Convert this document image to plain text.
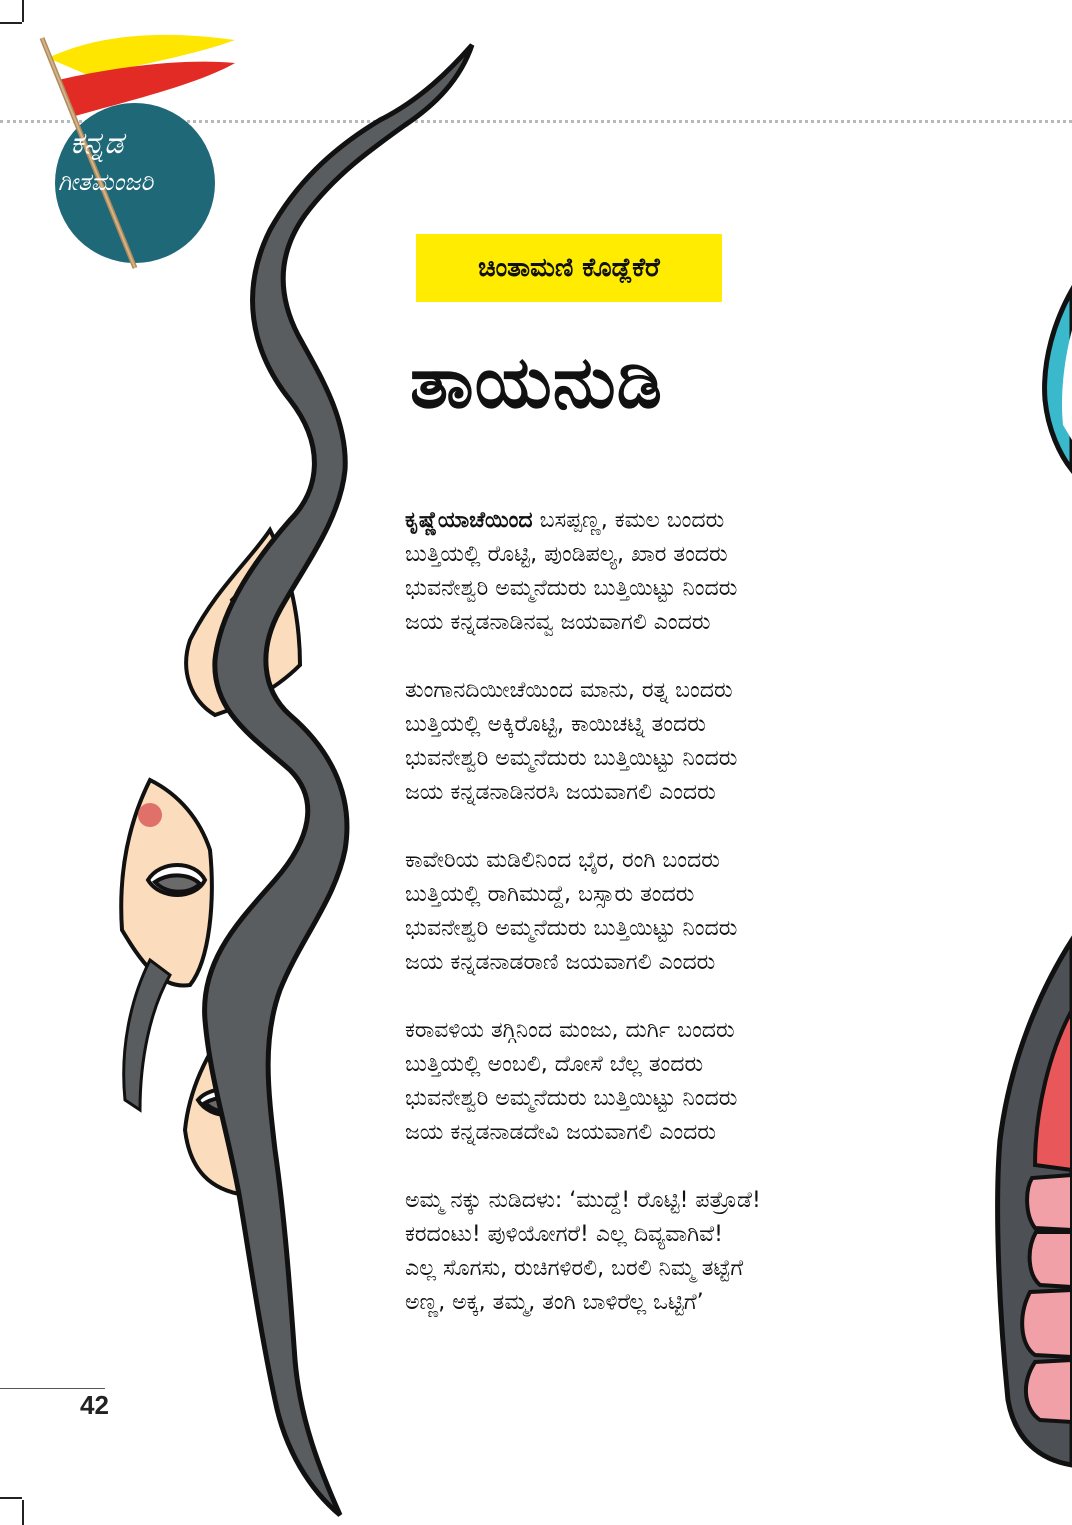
ಕನ್ನಡ
ಗೀತಮಂಜರಿ
ಚಿಂತಾಮಣಿ ಕೊಡ್ಲೆಕೆರೆ
ತಾಯನುಡಿ
ಕೃಷ್ಣೆಯಾಚೆಯಿಂದ ಬಸಪ್ಪಣ್ಣ, ಕಮಲ ಬಂದರು
ಬುತ್ತಿಯಲ್ಲಿ ರೊಟ್ಟಿ, ಪುಂಡಿಪಲ್ಯ, ಖಾರ ತಂದರು
ಭುವನೇಶ್ವರಿ ಅಮ್ಮನೆದುರು ಬುತ್ತಿಯಿಟ್ಟು ನಿಂದರು
ಜಯ ಕನ್ನಡನಾಡಿನವ್ವ ಜಯವಾಗಲಿ ಎಂದರು
ತುಂಗಾನದಿಯೀಚೆಯಿಂದ ಮಾನು, ರತ್ನ ಬಂದರು
ಬುತ್ತಿಯಲ್ಲಿ ಅಕ್ಕಿರೊಟ್ಟಿ, ಕಾಯಿಚಟ್ನಿ ತಂದರು
ಭುವನೇಶ್ವರಿ ಅಮ್ಮನೆದುರು ಬುತ್ತಿಯಿಟ್ಟು ನಿಂದರು
ಜಯ ಕನ್ನಡನಾಡಿನರಸಿ ಜಯವಾಗಲಿ ಎಂದರು
ಕಾವೇರಿಯ ಮಡಿಲಿನಿಂದ ಭೈರ, ರಂಗಿ ಬಂದರು
ಬುತ್ತಿಯಲ್ಲಿ ರಾಗಿಮುದ್ದೆ, ಬಸ್ಸಾರು ತಂದರು
ಭುವನೇಶ್ವರಿ ಅಮ್ಮನೆದುರು ಬುತ್ತಿಯಿಟ್ಟು ನಿಂದರು
ಜಯ ಕನ್ನಡನಾಡರಾಣಿ ಜಯವಾಗಲಿ ಎಂದರು
ಕರಾವಳಿಯ ತಗ್ಗಿನಿಂದ ಮಂಜು, ದುರ್ಗಿ ಬಂದರು
ಬುತ್ತಿಯಲ್ಲಿ ಅಂಬಲಿ, ದೋಸೆ ಬೆಲ್ಲ ತಂದರು
ಭುವನೇಶ್ವರಿ ಅಮ್ಮನೆದುರು ಬುತ್ತಿಯಿಟ್ಟು ನಿಂದರು
ಜಯ ಕನ್ನಡನಾಡದೇವಿ ಜಯವಾಗಲಿ ಎಂದರು
ಅಮ್ಮ ನಕ್ಕು ನುಡಿದಳು: ‘ಮುದ್ದೆ! ರೊಟ್ಟಿ! ಪತ್ರೊಡೆ!
ಕರದಂಟು! ಪುಳಿಯೋಗರೆ! ಎಲ್ಲ ದಿವ್ಯವಾಗಿವೆ!
ಎಲ್ಲ ಸೊಗಸು, ರುಚಿಗಳಿರಲಿ, ಬರಲಿ ನಿಮ್ಮ ತಟ್ಟೆಗೆ
ಅಣ್ಣ, ಅಕ್ಕ, ತಮ್ಮ, ತಂಗಿ ಬಾಳಿರೆಲ್ಲ ಒಟ್ಟಿಗೆ’
42
